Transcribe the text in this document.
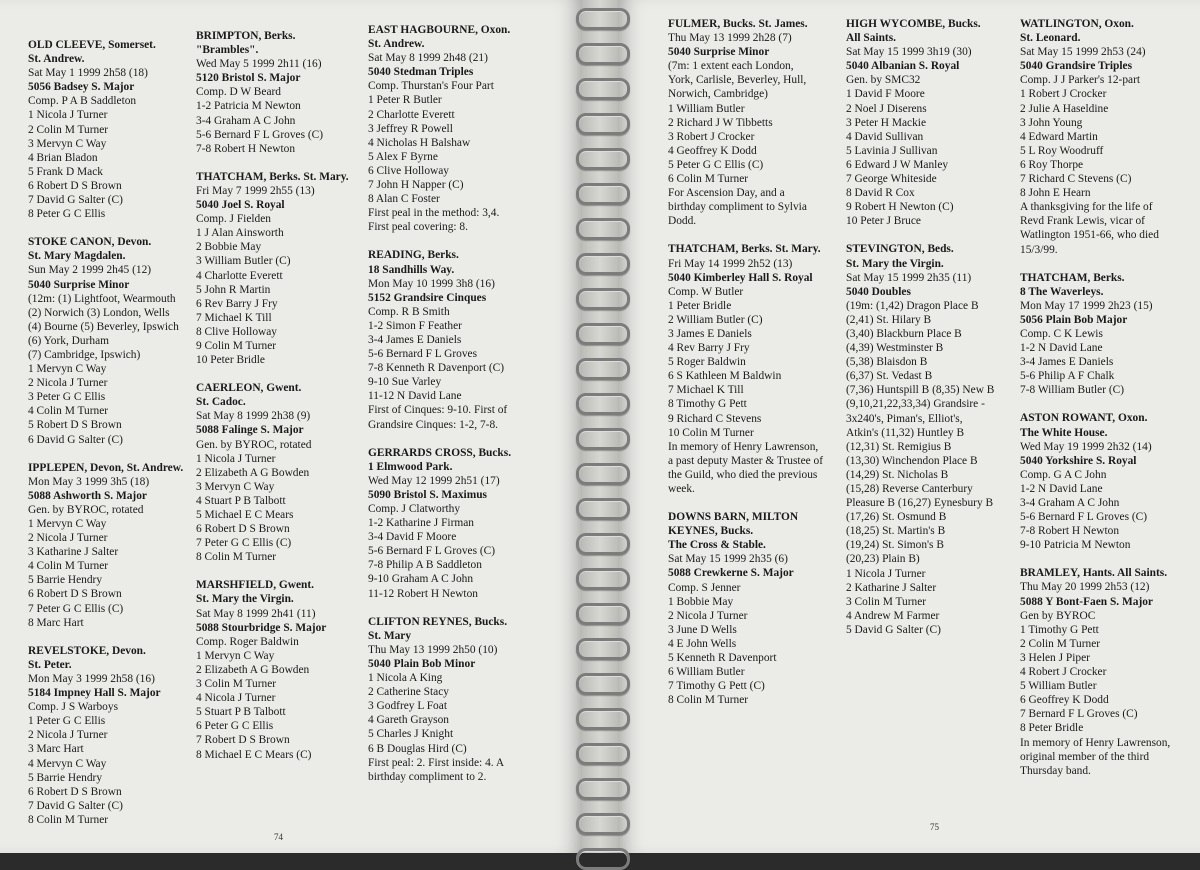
OLD CLEEVE, Somerset.
St. Andrew.
Sat May 1 1999 2h58 (18)
5056 Badsey S. Major
Comp. P A B Saddleton
1 Nicola J Turner
2 Colin M Turner
3 Mervyn C Way
4 Brian Bladon
5 Frank D Mack
6 Robert D S Brown
7 David G Salter (C)
8 Peter G C Ellis
STOKE CANON, Devon.
St. Mary Magdalen.
Sun May 2 1999 2h45 (12)
5040 Surprise Minor
(12m: (1) Lightfoot, Wearmouth
(2) Norwich (3) London, Wells
(4) Bourne (5) Beverley, Ipswich
(6) York, Durham
(7) Cambridge, Ipswich)
1 Mervyn C Way
2 Nicola J Turner
3 Peter G C Ellis
4 Colin M Turner
5 Robert D S Brown
6 David G Salter (C)
IPPLEPEN, Devon, St. Andrew.
Mon May 3 1999 3h5 (18)
5088 Ashworth S. Major
Gen. by BYROC, rotated
1 Mervyn C Way
2 Nicola J Turner
3 Katharine J Salter
4 Colin M Turner
5 Barrie Hendry
6 Robert D S Brown
7 Peter G C Ellis (C)
8 Marc Hart
REVELSTOKE, Devon.
St. Peter.
Mon May 3 1999 2h58 (16)
5184 Impney Hall S. Major
Comp. J S Warboys
1 Peter G C Ellis
2 Nicola J Turner
3 Marc Hart
4 Mervyn C Way
5 Barrie Hendry
6 Robert D S Brown
7 David G Salter (C)
8 Colin M Turner
BRIMPTON, Berks.
"Brambles".
Wed May 5 1999 2h11 (16)
5120 Bristol S. Major
Comp. D W Beard
1-2 Patricia M Newton
3-4 Graham A C John
5-6 Bernard F L Groves (C)
7-8 Robert H Newton
THATCHAM, Berks. St. Mary.
Fri May 7 1999 2h55 (13)
5040 Joel S. Royal
Comp. J Fielden
1 J Alan Ainsworth
2 Bobbie May
3 William Butler (C)
4 Charlotte Everett
5 John R Martin
6 Rev Barry J Fry
7 Michael K Till
8 Clive Holloway
9 Colin M Turner
10 Peter Bridle
CAERLEON, Gwent.
St. Cadoc.
Sat May 8 1999 2h38 (9)
5088 Falinge S. Major
Gen. by BYROC, rotated
1 Nicola J Turner
2 Elizabeth A G Bowden
3 Mervyn C Way
4 Stuart P B Talbott
5 Michael E C Mears
6 Robert D S Brown
7 Peter G C Ellis (C)
8 Colin M Turner
MARSHFIELD, Gwent.
St. Mary the Virgin.
Sat May 8 1999 2h41 (11)
5088 Stourbridge S. Major
Comp. Roger Baldwin
1 Mervyn C Way
2 Elizabeth A G Bowden
3 Colin M Turner
4 Nicola J Turner
5 Stuart P B Talbott
6 Peter G C Ellis
7 Robert D S Brown
8 Michael E C Mears (C)
EAST HAGBOURNE, Oxon.
St. Andrew.
Sat May 8 1999 2h48 (21)
5040 Stedman Triples
Comp. Thurstan's Four Part
1 Peter R Butler
2 Charlotte Everett
3 Jeffrey R Powell
4 Nicholas H Balshaw
5 Alex F Byrne
6 Clive Holloway
7 John H Napper (C)
8 Alan C Foster
First peal in the method: 3,4.
First peal covering: 8.
READING, Berks.
18 Sandhills Way.
Mon May 10 1999 3h8 (16)
5152 Grandsire Cinques
Comp. R B Smith
1-2 Simon F Feather
3-4 James E Daniels
5-6 Bernard F L Groves
7-8 Kenneth R Davenport (C)
9-10 Sue Varley
11-12 N David Lane
First of Cinques: 9-10. First of
Grandsire Cinques: 1-2, 7-8.
GERRARDS CROSS, Bucks.
1 Elmwood Park.
Wed May 12 1999 2h51 (17)
5090 Bristol S. Maximus
Comp. J Clatworthy
1-2 Katharine J Firman
3-4 David F Moore
5-6 Bernard F L Groves (C)
7-8 Philip A B Saddleton
9-10 Graham A C John
11-12 Robert H Newton
CLIFTON REYNES, Bucks.
St. Mary
Thu May 13 1999 2h50 (10)
5040 Plain Bob Minor
1 Nicola A King
2 Catherine Stacy
3 Godfrey L Foat
4 Gareth Grayson
5 Charles J Knight
6 B Douglas Hird (C)
First peal: 2. First inside: 4. A
birthday compliment to 2.
FULMER, Bucks. St. James.
Thu May 13 1999 2h28 (7)
5040 Surprise Minor
(7m: 1 extent each London,
York, Carlisle, Beverley, Hull,
Norwich, Cambridge)
1 William Butler
2 Richard J W Tibbetts
3 Robert J Crocker
4 Geoffrey K Dodd
5 Peter G C Ellis (C)
6 Colin M Turner
For Ascension Day, and a
birthday compliment to Sylvia
Dodd.
THATCHAM, Berks. St. Mary.
Fri May 14 1999 2h52 (13)
5040 Kimberley Hall S. Royal
Comp. W Butler
1 Peter Bridle
2 William Butler (C)
3 James E Daniels
4 Rev Barry J Fry
5 Roger Baldwin
6 S Kathleen M Baldwin
7 Michael K Till
8 Timothy G Pett
9 Richard C Stevens
10 Colin M Turner
In memory of Henry Lawrenson,
a past deputy Master & Trustee of
the Guild, who died the previous
week.
DOWNS BARN, MILTON
KEYNES, Bucks.
The Cross & Stable.
Sat May 15 1999 2h35 (6)
5088 Crewkerne S. Major
Comp. S Jenner
1 Bobbie May
2 Nicola J Turner
3 June D Wells
4 E John Wells
5 Kenneth R Davenport
6 William Butler
7 Timothy G Pett (C)
8 Colin M Turner
HIGH WYCOMBE, Bucks.
All Saints.
Sat May 15 1999 3h19 (30)
5040 Albanian S. Royal
Gen. by SMC32
1 David F Moore
2 Noel J Diserens
3 Peter H Mackie
4 David Sullivan
5 Lavinia J Sullivan
6 Edward J W Manley
7 George Whiteside
8 David R Cox
9 Robert H Newton (C)
10 Peter J Bruce
STEVINGTON, Beds.
St. Mary the Virgin.
Sat May 15 1999 2h35 (11)
5040 Doubles
(19m: (1,42) Dragon Place B
(2,41) St. Hilary B
(3,40) Blackburn Place B
(4,39) Westminster B
(5,38) Blaisdon B
(6,37) St. Vedast B
(7,36) Huntspill B (8,35) New B
(9,10,21,22,33,34) Grandsire -
3x240's, Piman's, Elliot's,
Atkin's (11,32) Huntley B
(12,31) St. Remigius B
(13,30) Winchendon Place B
(14,29) St. Nicholas B
(15,28) Reverse Canterbury
Pleasure B (16,27) Eynesbury B
(17,26) St. Osmund B
(18,25) St. Martin's B
(19,24) St. Simon's B
(20,23) Plain B)
1 Nicola J Turner
2 Katharine J Salter
3 Colin M Turner
4 Andrew M Farmer
5 David G Salter (C)
WATLINGTON, Oxon.
St. Leonard.
Sat May 15 1999 2h53 (24)
5040 Grandsire Triples
Comp. J J Parker's 12-part
1 Robert J Crocker
2 Julie A Haseldine
3 John Young
4 Edward Martin
5 L Roy Woodruff
6 Roy Thorpe
7 Richard C Stevens (C)
8 John E Hearn
A thanksgiving for the life of
Revd Frank Lewis, vicar of
Watlington 1951-66, who died
15/3/99.
THATCHAM, Berks.
8 The Waverleys.
Mon May 17 1999 2h23 (15)
5056 Plain Bob Major
Comp. C K Lewis
1-2 N David Lane
3-4 James E Daniels
5-6 Philip A F Chalk
7-8 William Butler (C)
ASTON ROWANT, Oxon.
The White House.
Wed May 19 1999 2h32 (14)
5040 Yorkshire S. Royal
Comp. G A C John
1-2 N David Lane
3-4 Graham A C John
5-6 Bernard F L Groves (C)
7-8 Robert H Newton
9-10 Patricia M Newton
BRAMLEY, Hants. All Saints.
Thu May 20 1999 2h53 (12)
5088 Y Bont-Faen S. Major
Gen by BYROC
1 Timothy G Pett
2 Colin M Turner
3 Helen J Piper
4 Robert J Crocker
5 William Butler
6 Geoffrey K Dodd
7 Bernard F L Groves (C)
8 Peter Bridle
In memory of Henry Lawrenson,
original member of the third
Thursday band.
74
75
